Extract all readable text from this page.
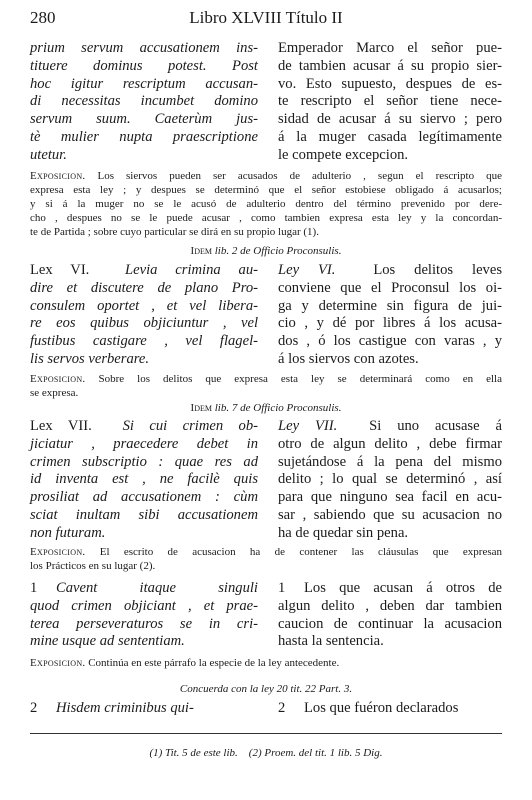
280	Libro XLVIII Título II
prium servum accusationem ins-
tituere dominus potest. Post
hoc igitur rescriptum accusan-
di necessitas incumbet domino
servum suum. Caeterùm jus-
tè mulier nupta praescriptione
utetur.
Emperador Marco el señor pue-
de tambien acusar á su propio sier-
vo. Esto supuesto, despues de es-
te rescripto el señor tiene nece-
sidad de acusar á su siervo ; pero
á la muger casada legítimamente
le compete excepcion.
Exposicion. Los siervos pueden ser acusados de adulterio , segun el rescripto que
expresa esta ley ; y despues se determinó que el señor estobiese obligado á acusarlos;
y si á la muger no se le acusó de adulterio dentro del término prevenido por dere-
cho , despues no se le puede acusar , como tambien expresa esta ley y la concordan-
te de Partida ; sobre cuyo particular se dirá en su propio lugar (1).
Idem lib. 2 de Officio Proconsulis.
Lex VI. Levia crimina au-
dire et discutere de plano Pro-
consulem oportet , et vel libera-
re eos quibus objiciuntur , vel
fustibus castigare , vel flagel-
lis servos verberare.
Ley VI.	Los delitos leves
conviene que el Proconsul los oi-
ga y determine sin figura de jui-
cio , y dé por libres á los acusa-
dos , ó los castigue con varas , y
á los siervos con azotes.
Exposicion. Sobre los delitos que expresa esta ley se determinará como en ella
se expresa.
Idem lib. 7 de Officio Proconsulis.
Lex VII. Si cui crimen ob-
jiciatur , praecedere debet in
crimen subscriptio : quae res ad
id inventa est , ne facilè quis
prosiliat ad accusationem : cùm
sciat inultam sibi accusationem
non futuram.
Ley VII. Si uno acusase á
otro de algun delito , debe firmar
sujetándose á la pena del mismo
delito ; lo qual se determinó , así
para que ninguno sea facil en acu-
sar , sabiendo que su acusacion no
ha de quedar sin pena.
Exposicion. El escrito de acusacion ha de contener las cláusulas que expresan
los Prácticos en su lugar (2).
1 Cavent itaque singuli
quod crimen objiciant , et prae-
terea perseveraturos se in cri-
mine usque ad sententiam.
1 Los que acusan á otros de
algun delito , deben dar tambien
caucion de continuar la acusacion
hasta la sentencia.
Exposicion. Continúa en este párrafo la especie de la ley antecedente.
Concuerda con la ley 20 tit. 22 Part. 3.
2 Hisdem criminibus qui-	2 Los que fuéron declarados
(1) Tit. 5 de este lib.    (2) Proem. del tit. 1 lib. 5 Dig.
